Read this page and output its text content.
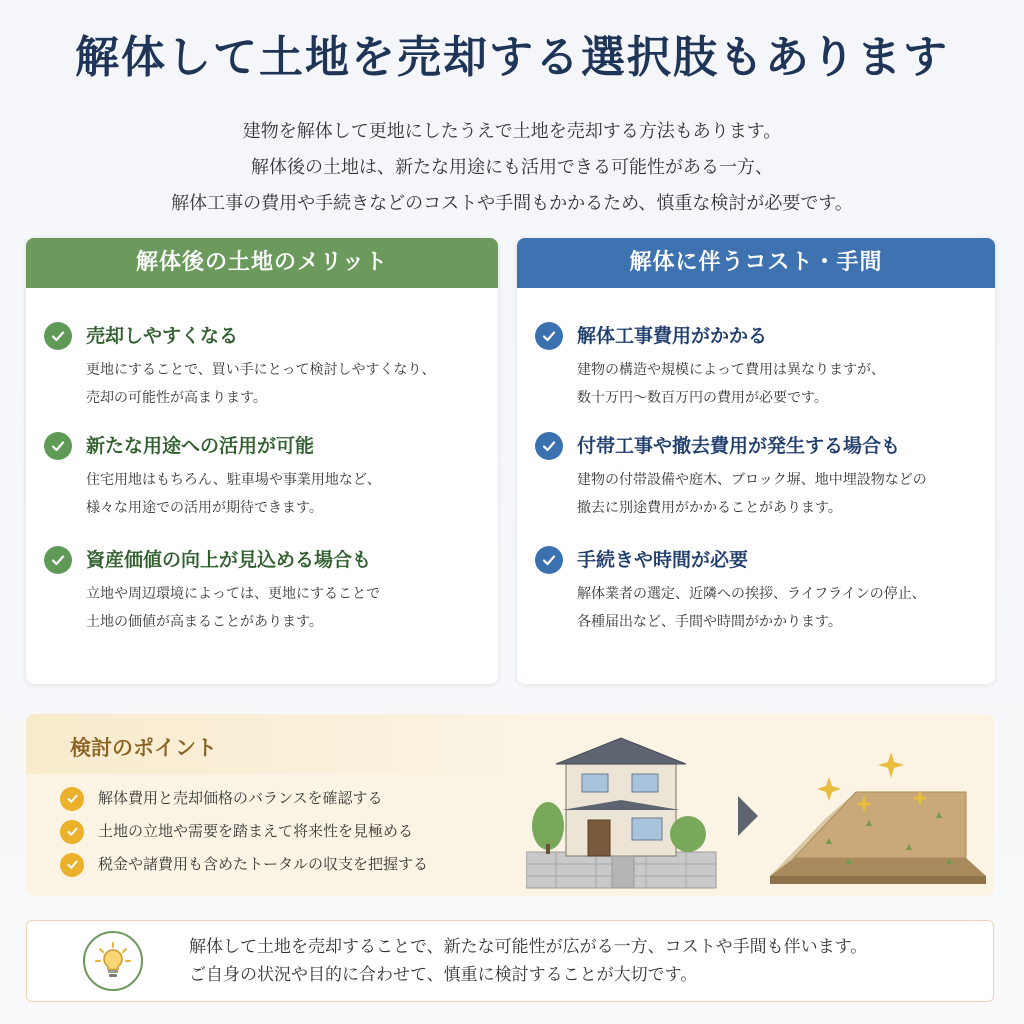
解体して土地を売却する選択肢もあります
建物を解体して更地にしたうえで土地を売却する方法もあります。
解体後の土地は、新たな用途にも活用できる可能性がある一方、
解体工事の費用や手続きなどのコストや手間もかかるため、慎重な検討が必要です。
解体後の土地のメリット
売却しやすくなる
更地にすることで、買い手にとって検討しやすくなり、
売却の可能性が高まります。
新たな用途への活用が可能
住宅用地はもちろん、駐車場や事業用地など、
様々な用途での活用が期待できます。
資産価値の向上が見込める場合も
立地や周辺環境によっては、更地にすることで
土地の価値が高まることがあります。
解体に伴うコスト・手間
解体工事費用がかかる
建物の構造や規模によって費用は異なりますが、
数十万円〜数百万円の費用が必要です。
付帯工事や撤去費用が発生する場合も
建物の付帯設備や庭木、ブロック塀、地中埋設物などの
撤去に別途費用がかかることがあります。
手続きや時間が必要
解体業者の選定、近隣への挨拶、ライフラインの停止、
各種届出など、手間や時間がかかります。
検討のポイント
解体費用と売却価格のバランスを確認する
土地の立地や需要を踏まえて将来性を見極める
税金や諸費用も含めたトータルの収支を把握する
解体して土地を売却することで、新たな可能性が広がる一方、コストや手間も伴います。
ご自身の状況や目的に合わせて、慎重に検討することが大切です。
